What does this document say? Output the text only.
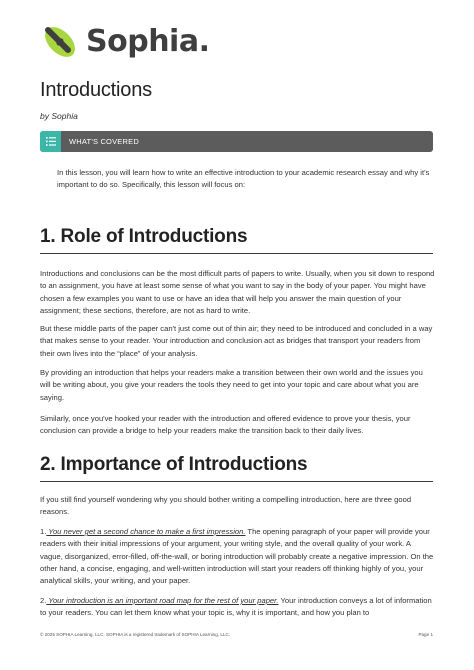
Sophia.
Introductions
by Sophia
WHAT'S COVERED

In this lesson, you will learn how to write an effective introduction to your academic research essay and why it's important to do so. Specifically, this lesson will focus on:

1. Role of Introductions

Introductions and conclusions can be the most difficult parts of papers to write. Usually, when you sit down to respond to an assignment, you have at least some sense of what you want to say in the body of your paper. You might have chosen a few examples you want to use or have an idea that will help you answer the main question of your assignment; these sections, therefore, are not as hard to write.

But these middle parts of the paper can't just come out of thin air; they need to be introduced and concluded in a way that makes sense to your reader. Your introduction and conclusion act as bridges that transport your readers from their own lives into the “place” of your analysis.

By providing an introduction that helps your readers make a transition between their own world and the issues you will be writing about, you give your readers the tools they need to get into your topic and care about what you are saying.

Similarly, once you've hooked your reader with the introduction and offered evidence to prove your thesis, your conclusion can provide a bridge to help your readers make the transition back to their daily lives.

2. Importance of Introductions

If you still find yourself wondering why you should bother writing a compelling introduction, here are three good reasons.

1. You never get a second chance to make a first impression. The opening paragraph of your paper will provide your readers with their initial impressions of your argument, your writing style, and the overall quality of your work. A vague, disorganized, error-filled, off-the-wall, or boring introduction will probably create a negative impression. On the other hand, a concise, engaging, and well-written introduction will start your readers off thinking highly of you, your analytical skills, your writing, and your paper.

2. Your introduction is an important road map for the rest of your paper. Your introduction conveys a lot of information to your readers. You can let them know what your topic is, why it is important, and how you plan to

© 2025 SOPHIA Learning, LLC. SOPHIA is a registered trademark of SOPHIA Learning, LLC.	Page 1
